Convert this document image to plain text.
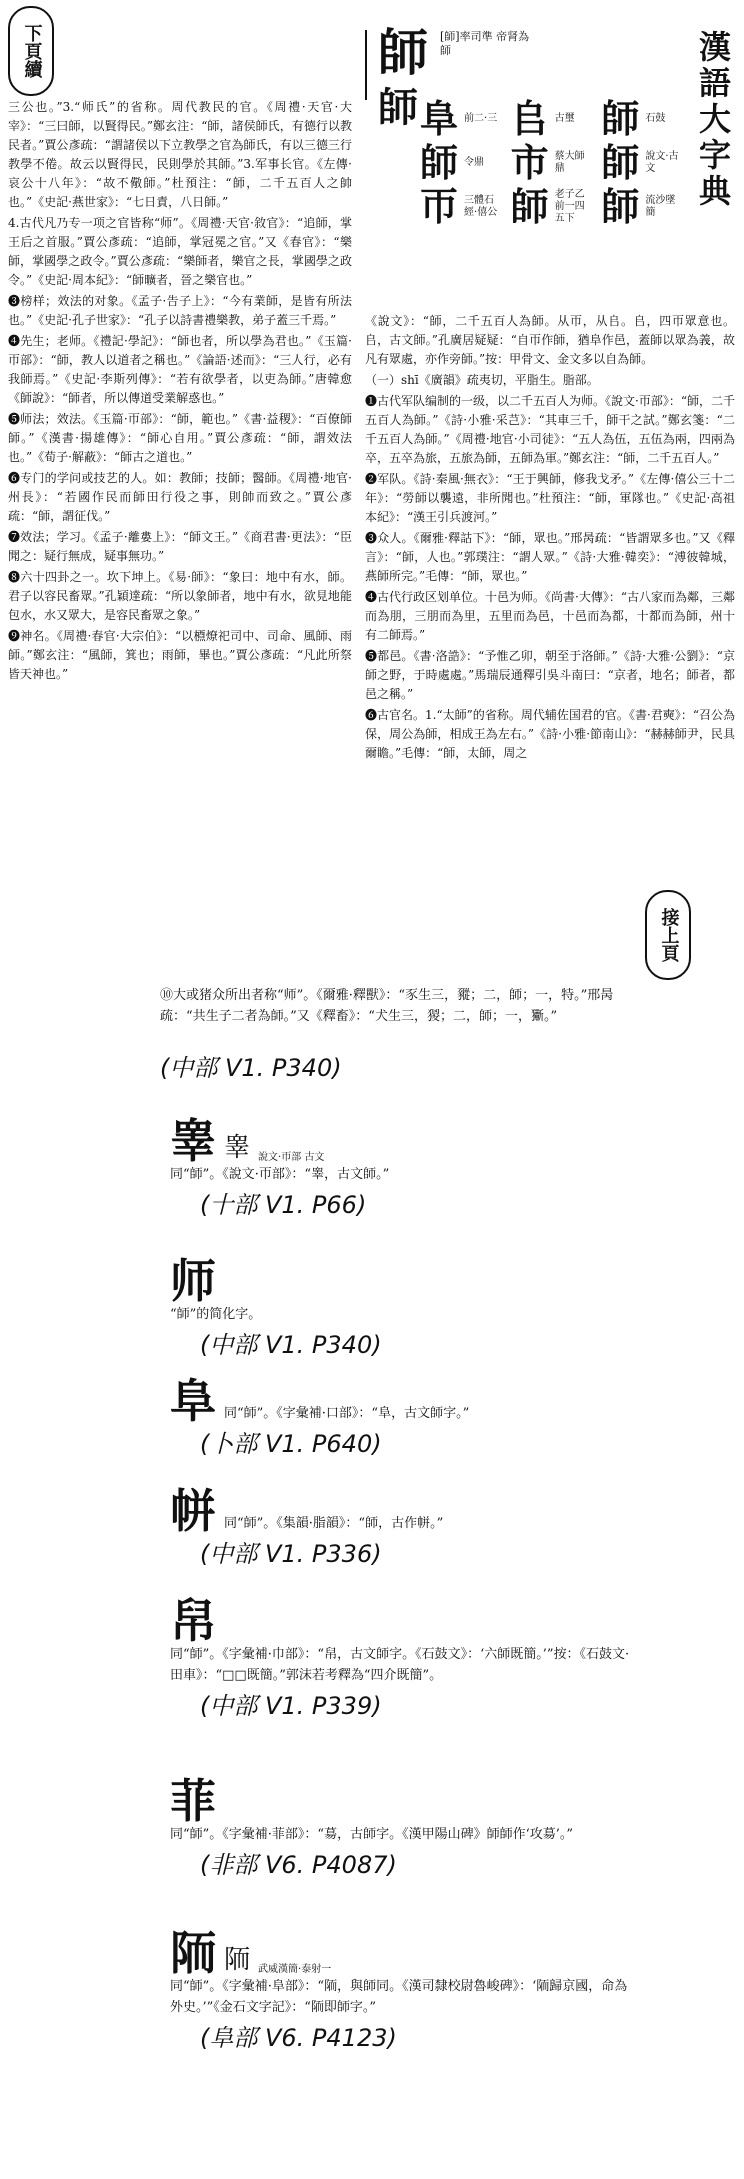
下頁續	漢語大字典
師
師
[師]率司準 帝肾為師
阜 前二·三 𠂤 古璽 師 石鼓
師 令鼎 市 蔡大師鼎 師 說文·古文
帀 三體石經·僖公 師 老子乙前一四五下 師 流沙墜簡

三公也。”3.“师氏”的省称。周代教民的官。《周禮·天官·大宰》：“三曰師，以賢得民。”鄭玄注：“師，諸侯師氏，有德行以教民者。”賈公彥疏：“謂諸侯以下立教學之官為師氏，有以三德三行教學不倦。故云以賢得民，民則學於其師。”3.军事长官。《左傳·哀公十八年》：“故不儆師。”杜預注：“師，二千五百人之帥也。”《史記·燕世家》：“七日責，八日師。”

4.古代凡乃专一项之官皆称“师”。《周禮·天官·敘官》：“追師，掌王后之首服。”賈公彥疏：“追師，掌冠冕之官。”又《春官》：“樂師，掌國學之政令。”賈公彥疏：“樂師者，樂官之長，掌國學之政令。”《史記·周本紀》：“師曠者，晉之樂官也。”

❸榜样；效法的对象。《孟子·告子上》：“今有業師，是皆有所法也。”《史記·孔子世家》：“孔子以詩書禮樂教，弟子蓋三千焉。”

❹先生；老师。《禮記·學記》：“師也者，所以學為君也。”《玉篇·帀部》：“師，教人以道者之稱也。”《論語·述而》：“三人行，必有我師焉。”《史記·李斯列傳》：“若有欲學者，以吏為師。”唐韓愈《師說》：“師者，所以傳道受業解惑也。”

❺师法；效法。《玉篇·帀部》：“師，範也。”《書·益稷》：“百僚師師。”《漢書·揚雄傳》：“師心自用。”賈公彥疏：“師，謂效法也。”《荀子·解蔽》：“師古之道也。”

❻专门的学问或技艺的人。如：教師；技師；醫師。《周禮·地官·州長》：“若國作民而師田行役之事，則帥而致之。”賈公彥疏：“師，謂征伐。”

❼效法；学习。《孟子·離婁上》：“師文王。”《商君書·更法》：“臣聞之：疑行無成，疑事無功。”

❽六十四卦之一。坎下坤上。《易·師》：“象曰：地中有水，師。君子以容民畜眾。”孔穎達疏：“所以象師者，地中有水，欲見地能包水，水又眾大，是容民畜眾之象。”

❾神名。《周禮·春官·大宗伯》：“以槱燎祀司中、司命、風師、雨師。”鄭玄注：“風師，箕也；雨師，畢也。”賈公彥疏：“凡此所祭皆天神也。”

《說文》：“師，二千五百人為師。从帀，从𠂤。𠂤，四帀眾意也。𠂤，古文師。”孔廣居疑疑：“自帀作師，猶阜作邑，蓋師以眾為義，故凡有眾處，亦作旁師。”按：甲骨文、金文多以自為師。

（一）shī《廣韻》疏夷切，平脂生。脂部。

❶古代军队编制的一级，以二千五百人为师。《說文·帀部》：“師，二千五百人為師。”《詩·小雅·采芑》：“其車三千，師干之試。”鄭玄箋：“二千五百人為師。”《周禮·地官·小司徒》：“五人為伍，五伍為兩，四兩為卒，五卒為旅，五旅為師，五師為軍。”鄭玄注：“師，二千五百人。”

❷军队。《詩·秦風·無衣》：“王于興師，修我戈矛。”《左傳·僖公三十二年》：“勞師以襲遠，非所聞也。”杜預注：“師，軍隊也。”《史記·高祖本紀》：“漢王引兵渡河。”

❸众人。《爾雅·釋詁下》：“師，眾也。”邢昺疏：“皆謂眾多也。”又《釋言》：“師，人也。”郭璞注：“謂人眾。”《詩·大雅·韓奕》：“溥彼韓城，燕師所完。”毛傳：“師，眾也。”

❹古代行政区划单位。十邑为师。《尚書·大傳》：“古八家而為鄰，三鄰而為朋，三朋而為里，五里而為邑，十邑而為都，十都而為師，州十有二師焉。”

❺都邑。《書·洛誥》：“予惟乙卯，朝至于洛師。”《詩·大雅·公劉》：“京師之野，于時處處。”馬瑞辰通釋引吳斗南曰：“京者，地名；師者，都邑之稱。”

❻古官名。1.“太師”的省称。周代辅佐国君的官。《書·君奭》：“召公為保，周公為師，相成王為左右。”《詩·小雅·節南山》：“赫赫師尹，民具爾瞻。”毛傳：“師，太師，周之

接上頁
⑩大或猪众所出者称“师”。《爾雅·釋獸》：“豕生三，豵；二，師；一，特。”邢昺疏：“共生子二者為師。”又《釋畜》：“犬生三，猣；二，師；一，玂。”
(中部 V1. P340)
睾 睾 說文·帀部 古文
同“師”。《說文·帀部》：“睾，古文師。”
(十部 V1. P66)
师
“師”的简化字。
(中部 V1. P340)
阜 同“師”。《字彙補·口部》：“阜，古文師字。”
(卜部 V1. P640)
帡 同“師”。《集韻·脂韻》：“師，古作帡。”
(中部 V1. P336)
帠
同“師”。《字彙補·巾部》：“帠，古文師字。《石鼓文》：‘六師既簡。’”按：《石鼓文·田車》：“□□既簡。”郭沫若考釋為“四介既簡”。
(中部 V1. P339)
菲
同“師”。《字彙補·菲部》：“𦳝，古師字。《漢甲陽山碑》師師作‘攻𦳝’。”
(非部 V6. P4087)
陑 陑 武威漢簡·泰射一
同“師”。《字彙補·阜部》：“陑，與師同。《漢司隸校尉魯峻碑》：‘陑歸京國，命為外史。’”《金石文字記》：“陑即師字。”
(阜部 V6. P4123)
